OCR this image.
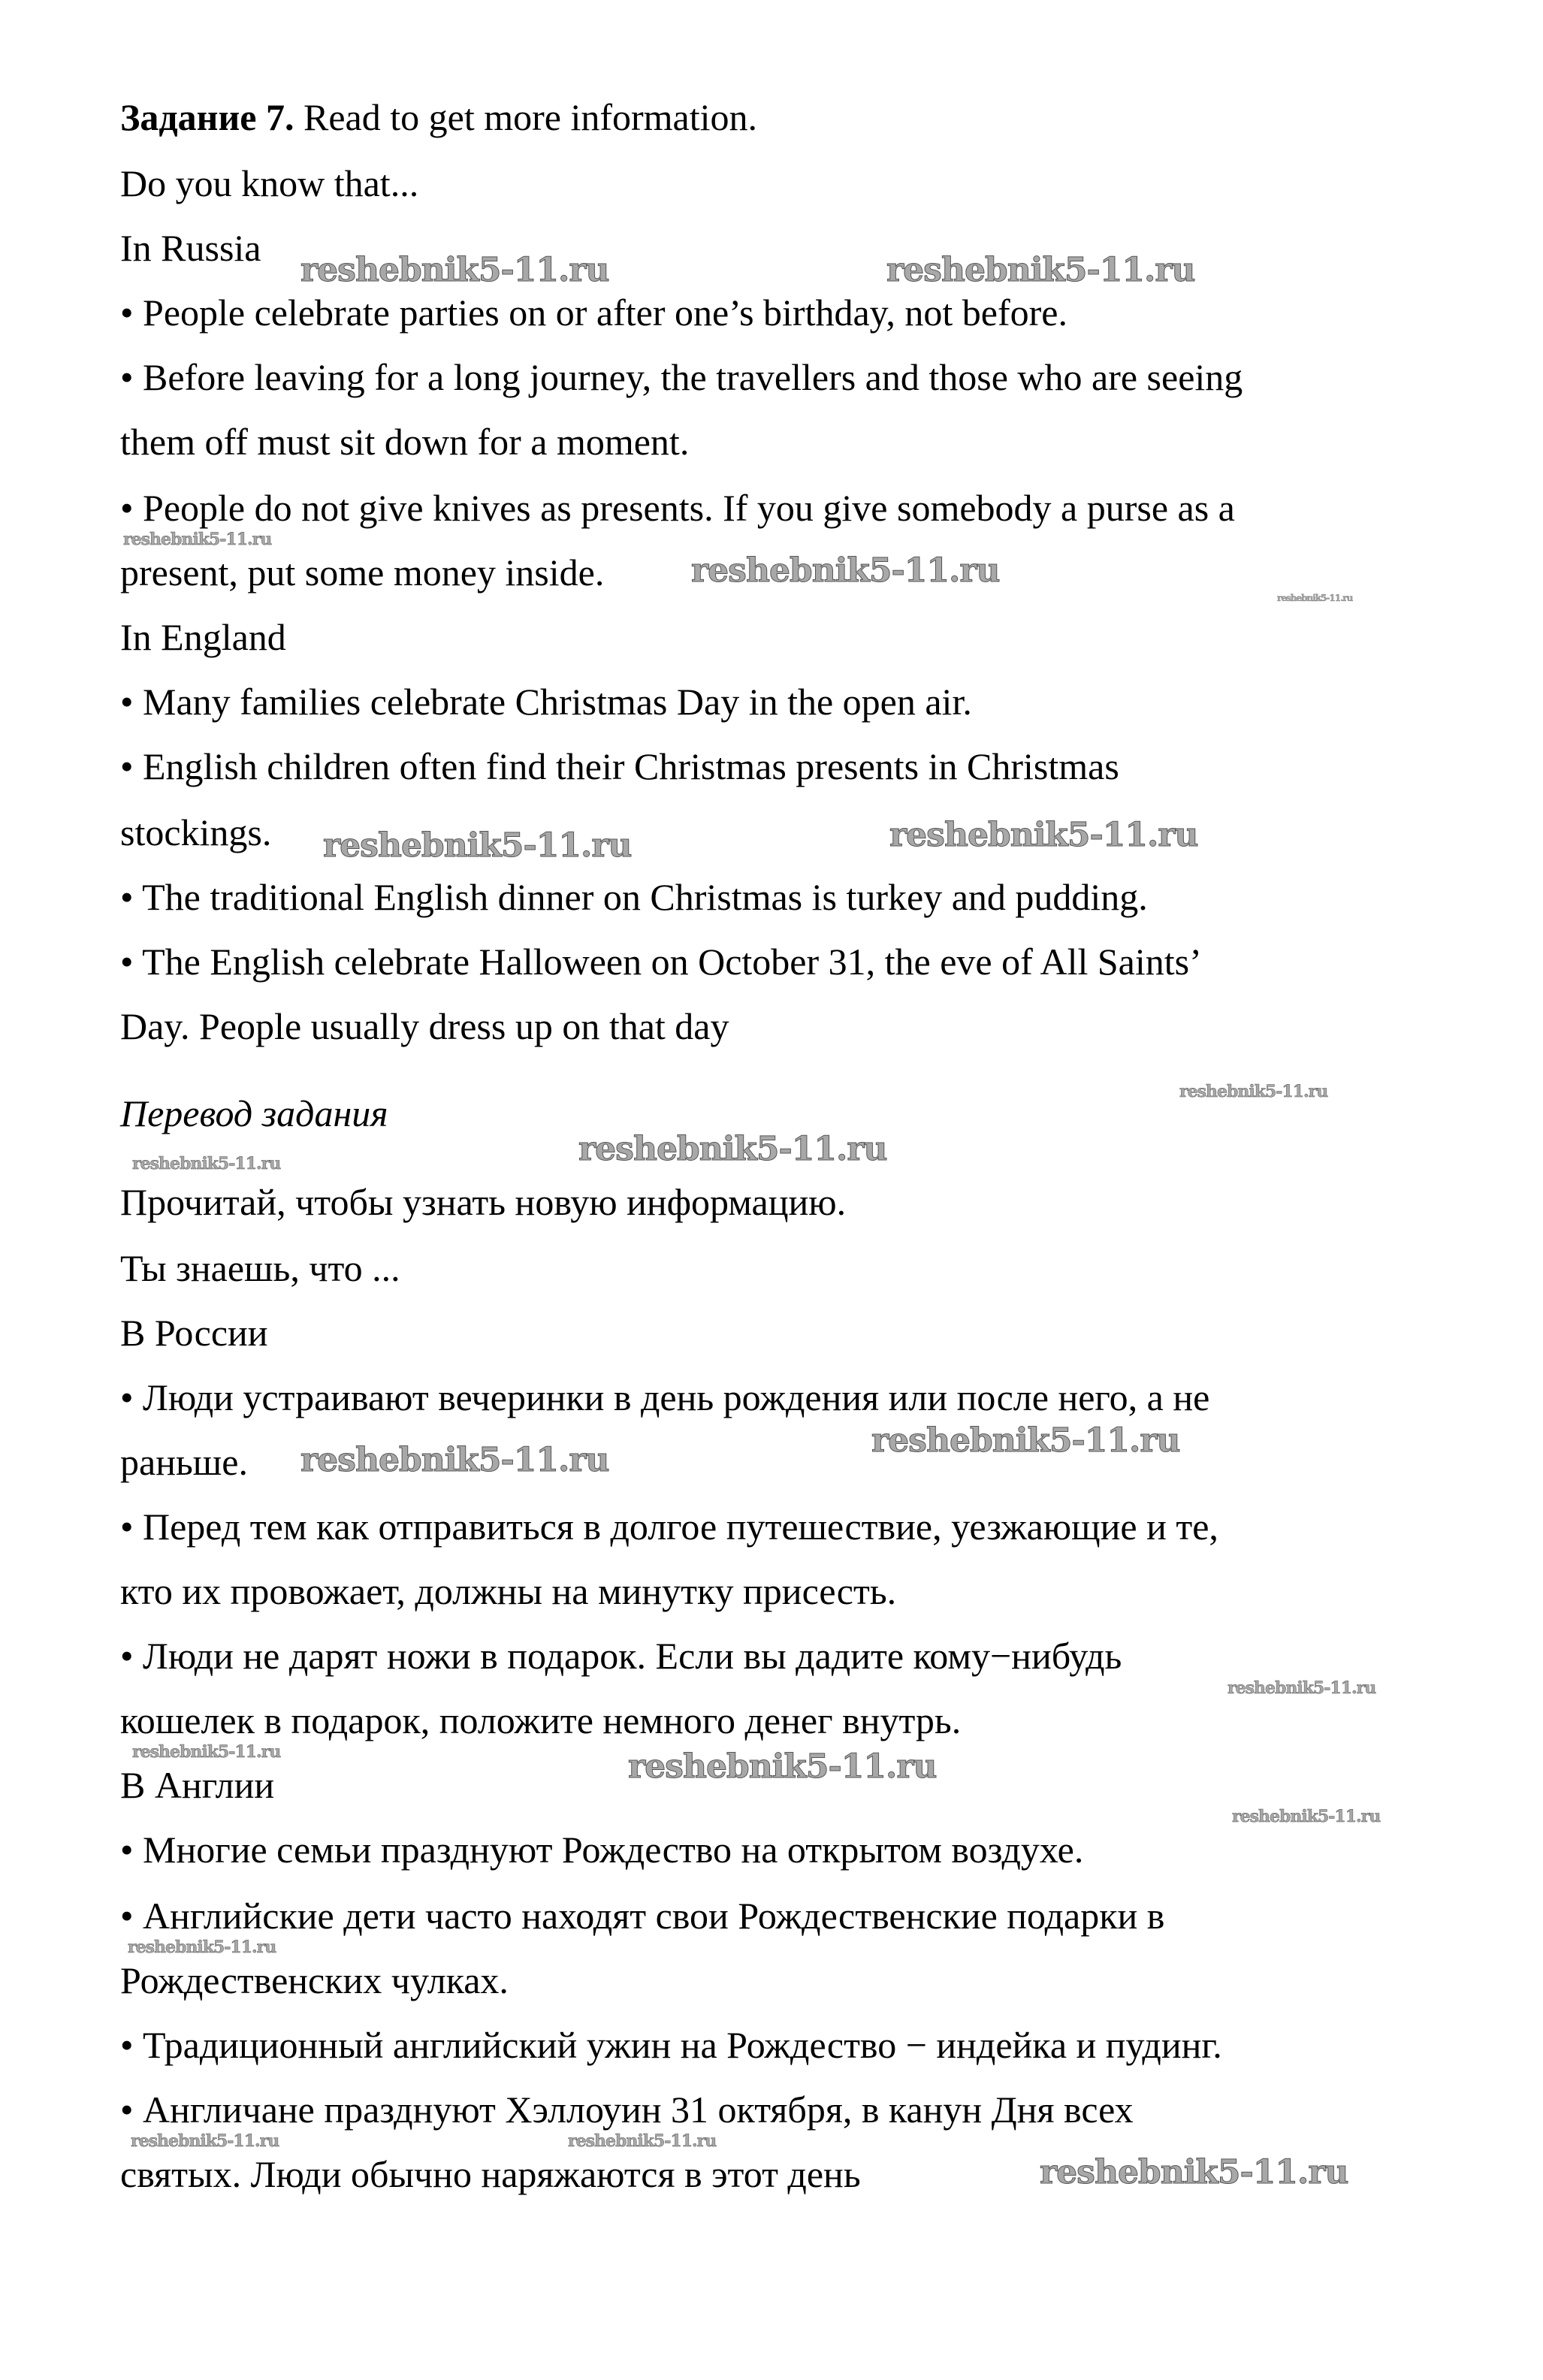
Задание 7. Read to get more information.
Do you know that...
In Russia
• People celebrate parties on or after one’s birthday, not before.
• Before leaving for a long journey, the travellers and those who are seeing
them off must sit down for a moment.
• People do not give knives as presents. If you give somebody a purse as a
present, put some money inside.
In England
• Many families celebrate Christmas Day in the open air.
• English children often find their Christmas presents in Christmas
stockings.
• The traditional English dinner on Christmas is turkey and pudding.
• The English celebrate Halloween on October 31, the eve of All Saints’
Day. People usually dress up on that day
Перевод задания
Прочитай, чтобы узнать новую информацию.
Ты знаешь, что ...
В России
• Люди устраивают вечеринки в день рождения или после него, а не
раньше.
• Перед тем как отправиться в долгое путешествие, уезжающие и те,
кто их провожает, должны на минутку присесть.
• Люди не дарят ножи в подарок. Если вы дадите кому−нибудь
кошелек в подарок, положите немного денег внутрь.
В Англии
• Многие семьи празднуют Рождество на открытом воздухе.
• Английские дети часто находят свои Рождественские подарки в
Рождественских чулках.
• Традиционный английский ужин на Рождество − индейка и пудинг.
• Англичане празднуют Хэллоуин 31 октября, в канун Дня всех
святых. Люди обычно наряжаются в этот день
reshebnik5-11.ru	reshebnik5-11.ru
reshebnik5-11.ru
reshebnik5-11.ru
reshebnik5-11.ru
reshebnik5-11.ru
reshebnik5-11.ru
reshebnik5-11.ru
reshebnik5-11.ru
reshebnik5-11.ru
reshebnik5-11.ru
reshebnik5-11.ru
reshebnik5-11.ru
reshebnik5-11.ru	reshebnik5-11.ru
reshebnik5-11.ru
reshebnik5-11.ru
reshebnik5-11.ru	reshebnik5-11.ru
reshebnik5-11.ru
